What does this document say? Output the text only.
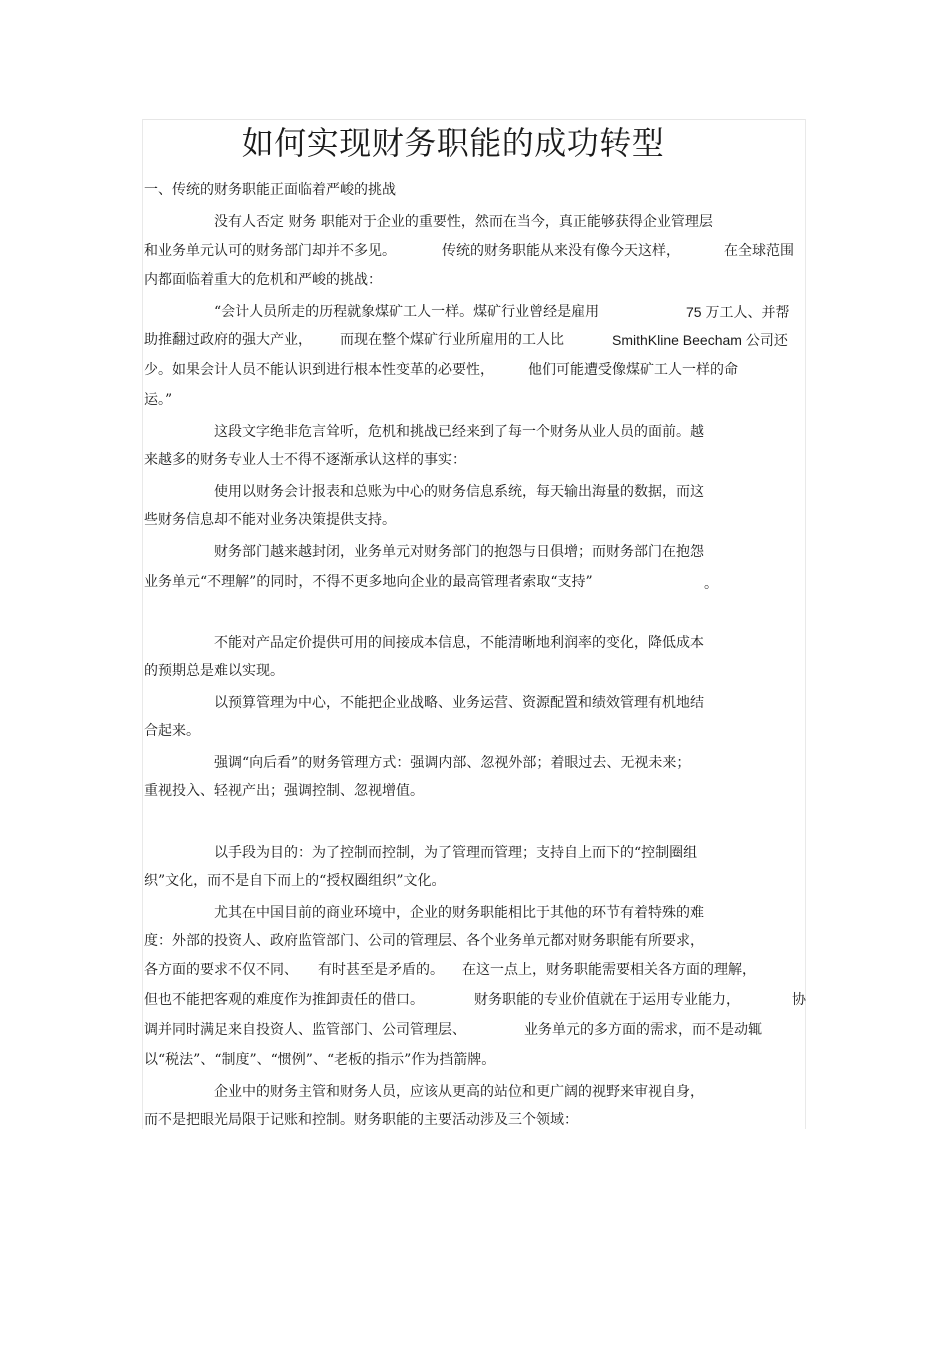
如何实现财务职能的成功转型
一、传统的财务职能正面临着严峻的挑战
没有人否定 财务 职能对于企业的重要性，然而在当今，真正能够获得企业管理层
和业务单元认可的财务部门却并不多见。	传统的财务职能从来没有像今天这样，	在全球范围
内都面临着重大的危机和严峻的挑战：
“会计人员所走的历程就象煤矿工人一样。煤矿行业曾经是雇用	75 万工人、并帮
助推翻过政府的强大产业， 而现在整个煤矿行业所雇用的工人比	SmithKline Beecham 公司还
少。如果会计人员不能认识到进行根本性变革的必要性， 他们可能遭受像煤矿工人一样的命
运。”
这段文字绝非危言耸听，危机和挑战已经来到了每一个财务从业人员的面前。越
来越多的财务专业人士不得不逐渐承认这样的事实：
使用以财务会计报表和总账为中心的财务信息系统，每天输出海量的数据，而这
些财务信息却不能对业务决策提供支持。
财务部门越来越封闭，业务单元对财务部门的抱怨与日俱增；而财务部门在抱怨
业务单元“不理解”的同时，不得不更多地向企业的最高管理者索取“支持”	。
不能对产品定价提供可用的间接成本信息，不能清晰地利润率的变化，降低成本
的预期总是难以实现。
以预算管理为中心，不能把企业战略、业务运营、资源配置和绩效管理有机地结
合起来。
强调“向后看”的财务管理方式：强调内部、忽视外部；着眼过去、无视未来；
重视投入、轻视产出；强调控制、忽视增值。
以手段为目的：为了控制而控制，为了管理而管理；支持自上而下的“控制圈组
织”文化，而不是自下而上的“授权圈组织”文化。
尤其在中国目前的商业环境中，企业的财务职能相比于其他的环节有着特殊的难
度：外部的投资人、政府监管部门、公司的管理层、各个业务单元都对财务职能有所要求，
各方面的要求不仅不同、 有时甚至是矛盾的。 在这一点上，财务职能需要相关各方面的理解，
但也不能把客观的难度作为推卸责任的借口。	财务职能的专业价值就在于运用专业能力，	协
调并同时满足来自投资人、监管部门、公司管理层、	业务单元的多方面的需求，而不是动辄
以“税法”、“制度”、“惯例”、“老板的指示”作为挡箭牌。
企业中的财务主管和财务人员，应该从更高的站位和更广阔的视野来审视自身，
而不是把眼光局限于记账和控制。财务职能的主要活动涉及三个领域：
